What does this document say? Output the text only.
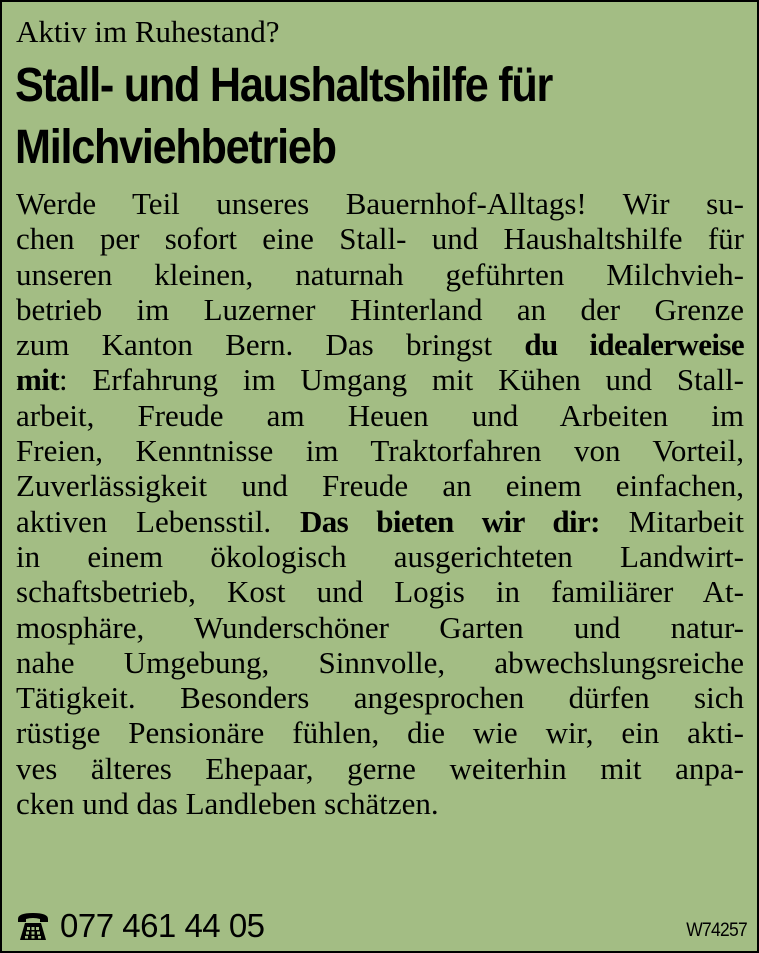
Aktiv im Ruhestand?
Stall- und Haushaltshilfe für
Milchviehbetrieb
Werde Teil unseres Bauernhof-Alltags! Wir su-
chen per sofort eine Stall- und Haushaltshilfe für
unseren kleinen, naturnah geführten Milchvieh-
betrieb im Luzerner Hinterland an der Grenze
zum Kanton Bern. Das bringst du idealerweise
mit: Erfahrung im Umgang mit Kühen und Stall-
arbeit, Freude am Heuen und Arbeiten im
Freien, Kenntnisse im Traktorfahren von Vorteil,
Zuverlässigkeit und Freude an einem einfachen,
aktiven Lebensstil. Das bieten wir dir: Mitarbeit
in einem ökologisch ausgerichteten Landwirt-
schaftsbetrieb, Kost und Logis in familiärer At-
mosphäre, Wunderschöner Garten und natur-
nahe Umgebung, Sinnvolle, abwechslungsreiche
Tätigkeit. Besonders angesprochen dürfen sich
rüstige Pensionäre fühlen, die wie wir, ein akti-
ves älteres Ehepaar, gerne weiterhin mit anpa-
cken und das Landleben schätzen.
077 461 44 05	W74257
